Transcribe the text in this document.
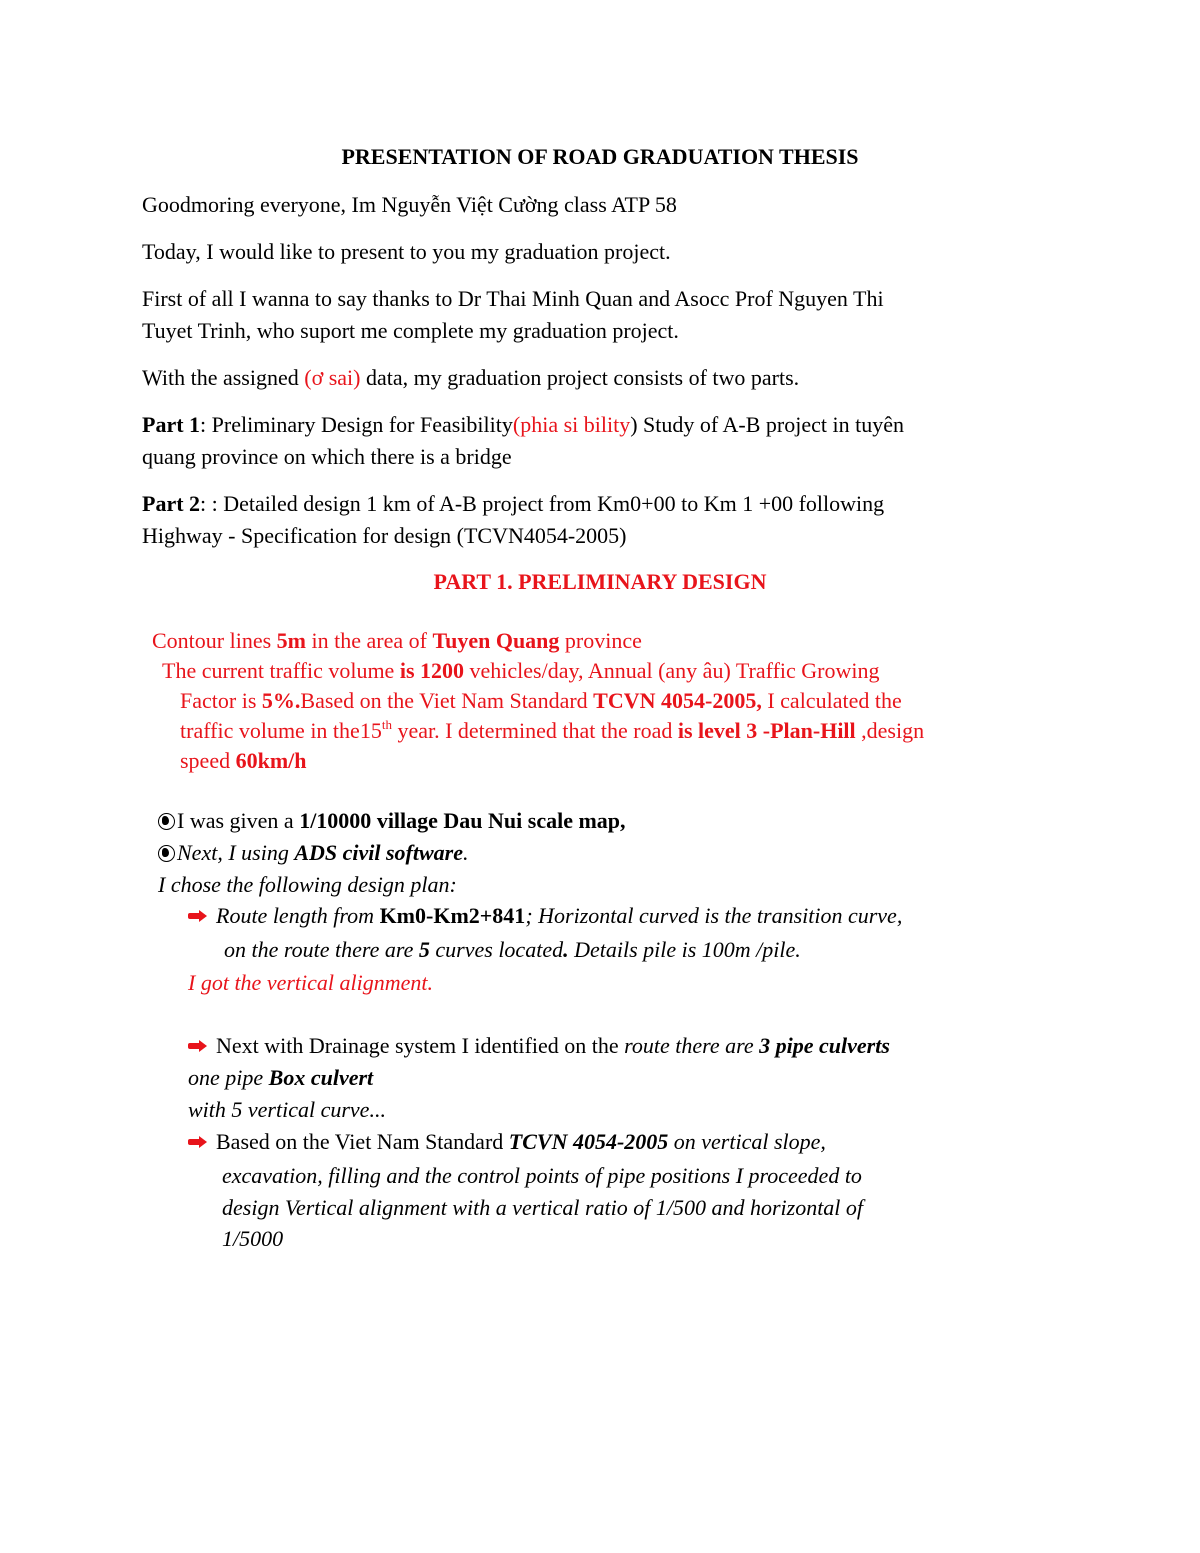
PRESENTATION OF ROAD GRADUATION THESIS
Goodmoring everyone, Im Nguyễn Việt Cường class ATP 58
Today, I would like to present to you my graduation project.
First of all I wanna to say thanks to Dr Thai Minh Quan and Asocc Prof Nguyen Thi
Tuyet Trinh, who suport me complete my graduation project.
With the assigned (ơ sai) data, my graduation project consists of two parts.
Part 1: Preliminary Design for Feasibility(phia si bility) Study of A-B project in tuyên
quang province on which there is a bridge
Part 2: : Detailed design 1 km of A-B project from Km0+00 to Km 1 +00 following
Highway - Specification for design (TCVN4054-2005)
PART 1. PRELIMINARY DESIGN
Contour lines 5m in the area of Tuyen Quang province
The current traffic volume is 1200 vehicles/day, Annual (any âu) Traffic Growing
Factor is 5%.Based on the Viet Nam Standard TCVN 4054-2005, I calculated the
traffic volume in the15th year. I determined that the road is level 3 -Plan-Hill ,design
speed 60km/h
I was given a 1/10000 village Dau Nui scale map,
Next, I using ADS civil software.
I chose the following design plan:
Route length from Km0-Km2+841; Horizontal curved is the transition curve,
on the route there are 5 curves located. Details pile is 100m /pile.
I got the vertical alignment.
Next with Drainage system I identified on the route there are 3 pipe culverts
one pipe Box culvert
with 5 vertical curve...
Based on the Viet Nam Standard TCVN 4054-2005 on vertical slope,
excavation, filling and the control points of pipe positions I proceeded to
design Vertical alignment with a vertical ratio of 1/500 and horizontal of
1/5000
